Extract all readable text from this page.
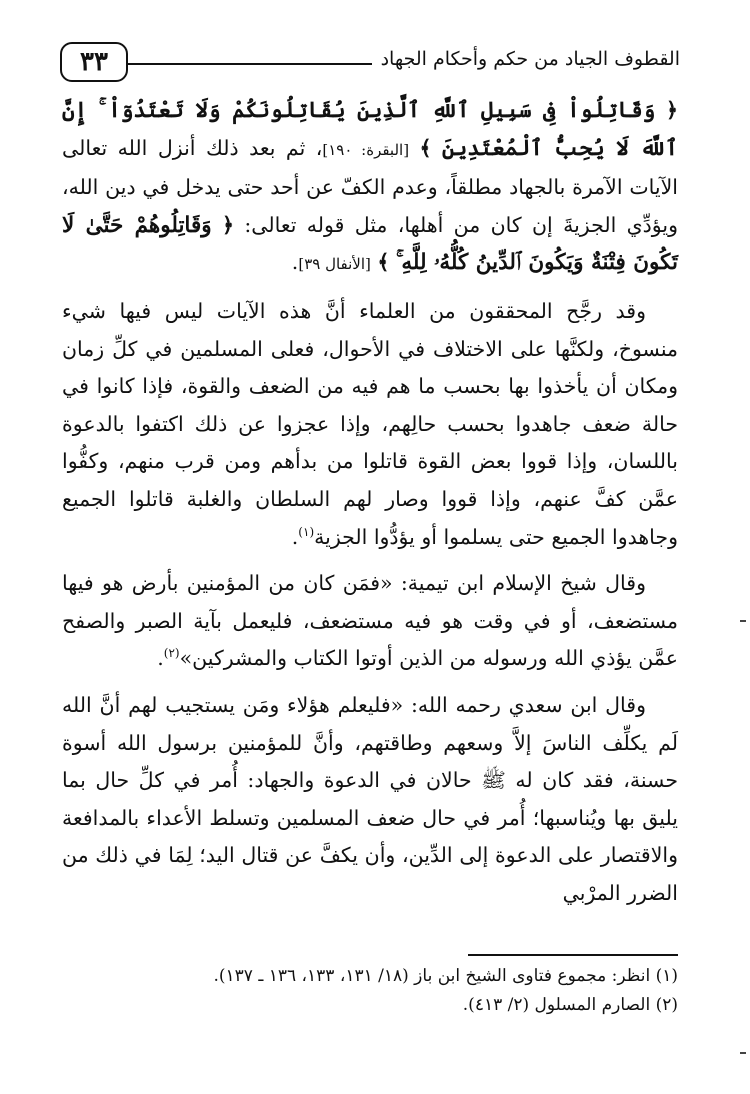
٣٣	القطوف الجياد من حكم وأحكام الجهاد

﴿ وَقَاتِلُواْ فِى سَبِيلِ ٱللَّهِ ٱلَّذِينَ يُقَاتِلُونَكُمْ وَلَا تَعْتَدُوٓاْ ۚ إِنَّ ٱللَّهَ لَا يُحِبُّ ٱلْمُعْتَدِينَ ﴾ [البقرة: ١٩٠]، ثم بعد ذلك أنزل الله تعالى الآيات الآمرة بالجهاد مطلقاً، وعدم الكفّ عن أحد حتى يدخل في دين الله، ويؤدِّي الجزيةَ إن كان من أهلها، مثل قوله تعالى: ﴿ وَقَاتِلُوهُمْ حَتَّىٰ لَا تَكُونَ فِتْنَةٌ وَيَكُونَ ٱلدِّينُ كُلُّهُۥ لِلَّهِ ۚ ﴾ [الأنفال ٣٩].

وقد رجَّح المحققون من العلماء أنَّ هذه الآيات ليس فيها شيء منسوخ، ولكنَّها على الاختلاف في الأحوال، فعلى المسلمين في كلِّ زمان ومكان أن يأخذوا بها بحسب ما هم فيه من الضعف والقوة، فإذا كانوا في حالة ضعف جاهدوا بحسب حالِهم، وإذا عجزوا عن ذلك اكتفوا بالدعوة باللسان، وإذا قووا بعض القوة قاتلوا من بدأهم ومن قرب منهم، وكفُّوا عمَّن كفَّ عنهم، وإذا قووا وصار لهم السلطان والغلبة قاتلوا الجميع وجاهدوا الجميع حتى يسلموا أو يؤدُّوا الجزية$^{(١)}$.

وقال شيخ الإسلام ابن تيمية: «فمَن كان من المؤمنين بأرض هو فيها مستضعف، أو في وقت هو فيه مستضعف، فليعمل بآية الصبر والصفح عمَّن يؤذي الله ورسوله من الذين أوتوا الكتاب والمشركين»$^{(٢)}$.

وقال ابن سعدي رحمه الله: «فليعلم هؤلاء ومَن يستجيب لهم أنَّ الله لَم يكلِّف الناسَ إلاَّ وسعهم وطاقتهم، وأنَّ للمؤمنين برسول الله أسوة حسنة، فقد كان له ﷺ حالان في الدعوة والجهاد: أُمر في كلِّ حال بما يليق بها ويُناسبها؛ أُمر في حال ضعف المسلمين وتسلط الأعداء بالمدافعة والاقتصار على الدعوة إلى الدِّين، وأن يكفَّ عن قتال اليد؛ لِمَا في ذلك من الضرر المرْبي

(١) انظر: مجموع فتاوى الشيخ ابن باز (١٨/ ١٣١، ١٣٣، ١٣٦ ـ ١٣٧).
(٢) الصارم المسلول (٢/ ٤١٣).
